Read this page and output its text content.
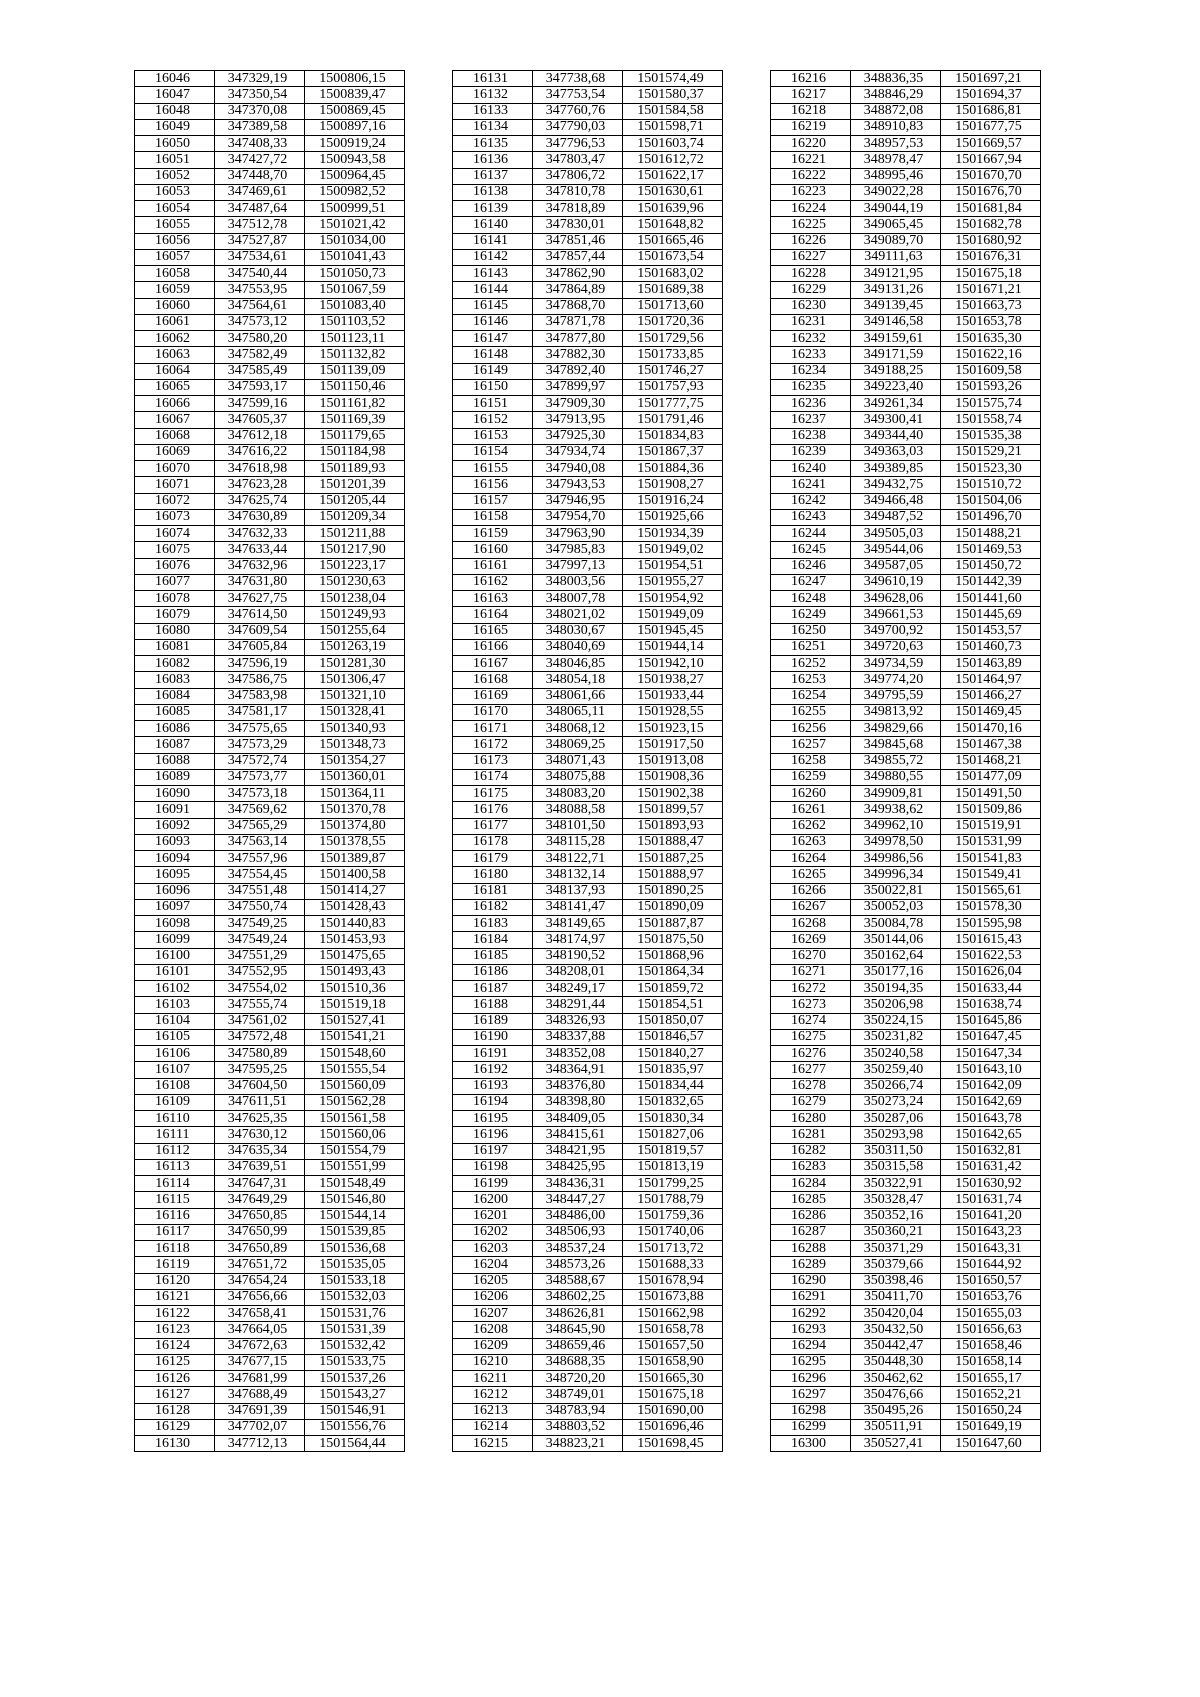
16046	347329,19	1500806,15
16047	347350,54	1500839,47
16048	347370,08	1500869,45
16049	347389,58	1500897,16
16050	347408,33	1500919,24
16051	347427,72	1500943,58
16052	347448,70	1500964,45
16053	347469,61	1500982,52
16054	347487,64	1500999,51
16055	347512,78	1501021,42
16056	347527,87	1501034,00
16057	347534,61	1501041,43
16058	347540,44	1501050,73
16059	347553,95	1501067,59
16060	347564,61	1501083,40
16061	347573,12	1501103,52
16062	347580,20	1501123,11
16063	347582,49	1501132,82
16064	347585,49	1501139,09
16065	347593,17	1501150,46
16066	347599,16	1501161,82
16067	347605,37	1501169,39
16068	347612,18	1501179,65
16069	347616,22	1501184,98
16070	347618,98	1501189,93
16071	347623,28	1501201,39
16072	347625,74	1501205,44
16073	347630,89	1501209,34
16074	347632,33	1501211,88
16075	347633,44	1501217,90
16076	347632,96	1501223,17
16077	347631,80	1501230,63
16078	347627,75	1501238,04
16079	347614,50	1501249,93
16080	347609,54	1501255,64
16081	347605,84	1501263,19
16082	347596,19	1501281,30
16083	347586,75	1501306,47
16084	347583,98	1501321,10
16085	347581,17	1501328,41
16086	347575,65	1501340,93
16087	347573,29	1501348,73
16088	347572,74	1501354,27
16089	347573,77	1501360,01
16090	347573,18	1501364,11
16091	347569,62	1501370,78
16092	347565,29	1501374,80
16093	347563,14	1501378,55
16094	347557,96	1501389,87
16095	347554,45	1501400,58
16096	347551,48	1501414,27
16097	347550,74	1501428,43
16098	347549,25	1501440,83
16099	347549,24	1501453,93
16100	347551,29	1501475,65
16101	347552,95	1501493,43
16102	347554,02	1501510,36
16103	347555,74	1501519,18
16104	347561,02	1501527,41
16105	347572,48	1501541,21
16106	347580,89	1501548,60
16107	347595,25	1501555,54
16108	347604,50	1501560,09
16109	347611,51	1501562,28
16110	347625,35	1501561,58
16111	347630,12	1501560,06
16112	347635,34	1501554,79
16113	347639,51	1501551,99
16114	347647,31	1501548,49
16115	347649,29	1501546,80
16116	347650,85	1501544,14
16117	347650,99	1501539,85
16118	347650,89	1501536,68
16119	347651,72	1501535,05
16120	347654,24	1501533,18
16121	347656,66	1501532,03
16122	347658,41	1501531,76
16123	347664,05	1501531,39
16124	347672,63	1501532,42
16125	347677,15	1501533,75
16126	347681,99	1501537,26
16127	347688,49	1501543,27
16128	347691,39	1501546,91
16129	347702,07	1501556,76
16130	347712,13	1501564,44
16131	347738,68	1501574,49
16132	347753,54	1501580,37
16133	347760,76	1501584,58
16134	347790,03	1501598,71
16135	347796,53	1501603,74
16136	347803,47	1501612,72
16137	347806,72	1501622,17
16138	347810,78	1501630,61
16139	347818,89	1501639,96
16140	347830,01	1501648,82
16141	347851,46	1501665,46
16142	347857,44	1501673,54
16143	347862,90	1501683,02
16144	347864,89	1501689,38
16145	347868,70	1501713,60
16146	347871,78	1501720,36
16147	347877,80	1501729,56
16148	347882,30	1501733,85
16149	347892,40	1501746,27
16150	347899,97	1501757,93
16151	347909,30	1501777,75
16152	347913,95	1501791,46
16153	347925,30	1501834,83
16154	347934,74	1501867,37
16155	347940,08	1501884,36
16156	347943,53	1501908,27
16157	347946,95	1501916,24
16158	347954,70	1501925,66
16159	347963,90	1501934,39
16160	347985,83	1501949,02
16161	347997,13	1501954,51
16162	348003,56	1501955,27
16163	348007,78	1501954,92
16164	348021,02	1501949,09
16165	348030,67	1501945,45
16166	348040,69	1501944,14
16167	348046,85	1501942,10
16168	348054,18	1501938,27
16169	348061,66	1501933,44
16170	348065,11	1501928,55
16171	348068,12	1501923,15
16172	348069,25	1501917,50
16173	348071,43	1501913,08
16174	348075,88	1501908,36
16175	348083,20	1501902,38
16176	348088,58	1501899,57
16177	348101,50	1501893,93
16178	348115,28	1501888,47
16179	348122,71	1501887,25
16180	348132,14	1501888,97
16181	348137,93	1501890,25
16182	348141,47	1501890,09
16183	348149,65	1501887,87
16184	348174,97	1501875,50
16185	348190,52	1501868,96
16186	348208,01	1501864,34
16187	348249,17	1501859,72
16188	348291,44	1501854,51
16189	348326,93	1501850,07
16190	348337,88	1501846,57
16191	348352,08	1501840,27
16192	348364,91	1501835,97
16193	348376,80	1501834,44
16194	348398,80	1501832,65
16195	348409,05	1501830,34
16196	348415,61	1501827,06
16197	348421,95	1501819,57
16198	348425,95	1501813,19
16199	348436,31	1501799,25
16200	348447,27	1501788,79
16201	348486,00	1501759,36
16202	348506,93	1501740,06
16203	348537,24	1501713,72
16204	348573,26	1501688,33
16205	348588,67	1501678,94
16206	348602,25	1501673,88
16207	348626,81	1501662,98
16208	348645,90	1501658,78
16209	348659,46	1501657,50
16210	348688,35	1501658,90
16211	348720,20	1501665,30
16212	348749,01	1501675,18
16213	348783,94	1501690,00
16214	348803,52	1501696,46
16215	348823,21	1501698,45
16216	348836,35	1501697,21
16217	348846,29	1501694,37
16218	348872,08	1501686,81
16219	348910,83	1501677,75
16220	348957,53	1501669,57
16221	348978,47	1501667,94
16222	348995,46	1501670,70
16223	349022,28	1501676,70
16224	349044,19	1501681,84
16225	349065,45	1501682,78
16226	349089,70	1501680,92
16227	349111,63	1501676,31
16228	349121,95	1501675,18
16229	349131,26	1501671,21
16230	349139,45	1501663,73
16231	349146,58	1501653,78
16232	349159,61	1501635,30
16233	349171,59	1501622,16
16234	349188,25	1501609,58
16235	349223,40	1501593,26
16236	349261,34	1501575,74
16237	349300,41	1501558,74
16238	349344,40	1501535,38
16239	349363,03	1501529,21
16240	349389,85	1501523,30
16241	349432,75	1501510,72
16242	349466,48	1501504,06
16243	349487,52	1501496,70
16244	349505,03	1501488,21
16245	349544,06	1501469,53
16246	349587,05	1501450,72
16247	349610,19	1501442,39
16248	349628,06	1501441,60
16249	349661,53	1501445,69
16250	349700,92	1501453,57
16251	349720,63	1501460,73
16252	349734,59	1501463,89
16253	349774,20	1501464,97
16254	349795,59	1501466,27
16255	349813,92	1501469,45
16256	349829,66	1501470,16
16257	349845,68	1501467,38
16258	349855,72	1501468,21
16259	349880,55	1501477,09
16260	349909,81	1501491,50
16261	349938,62	1501509,86
16262	349962,10	1501519,91
16263	349978,50	1501531,99
16264	349986,56	1501541,83
16265	349996,34	1501549,41
16266	350022,81	1501565,61
16267	350052,03	1501578,30
16268	350084,78	1501595,98
16269	350144,06	1501615,43
16270	350162,64	1501622,53
16271	350177,16	1501626,04
16272	350194,35	1501633,44
16273	350206,98	1501638,74
16274	350224,15	1501645,86
16275	350231,82	1501647,45
16276	350240,58	1501647,34
16277	350259,40	1501643,10
16278	350266,74	1501642,09
16279	350273,24	1501642,69
16280	350287,06	1501643,78
16281	350293,98	1501642,65
16282	350311,50	1501632,81
16283	350315,58	1501631,42
16284	350322,91	1501630,92
16285	350328,47	1501631,74
16286	350352,16	1501641,20
16287	350360,21	1501643,23
16288	350371,29	1501643,31
16289	350379,66	1501644,92
16290	350398,46	1501650,57
16291	350411,70	1501653,76
16292	350420,04	1501655,03
16293	350432,50	1501656,63
16294	350442,47	1501658,46
16295	350448,30	1501658,14
16296	350462,62	1501655,17
16297	350476,66	1501652,21
16298	350495,26	1501650,24
16299	350511,91	1501649,19
16300	350527,41	1501647,60
